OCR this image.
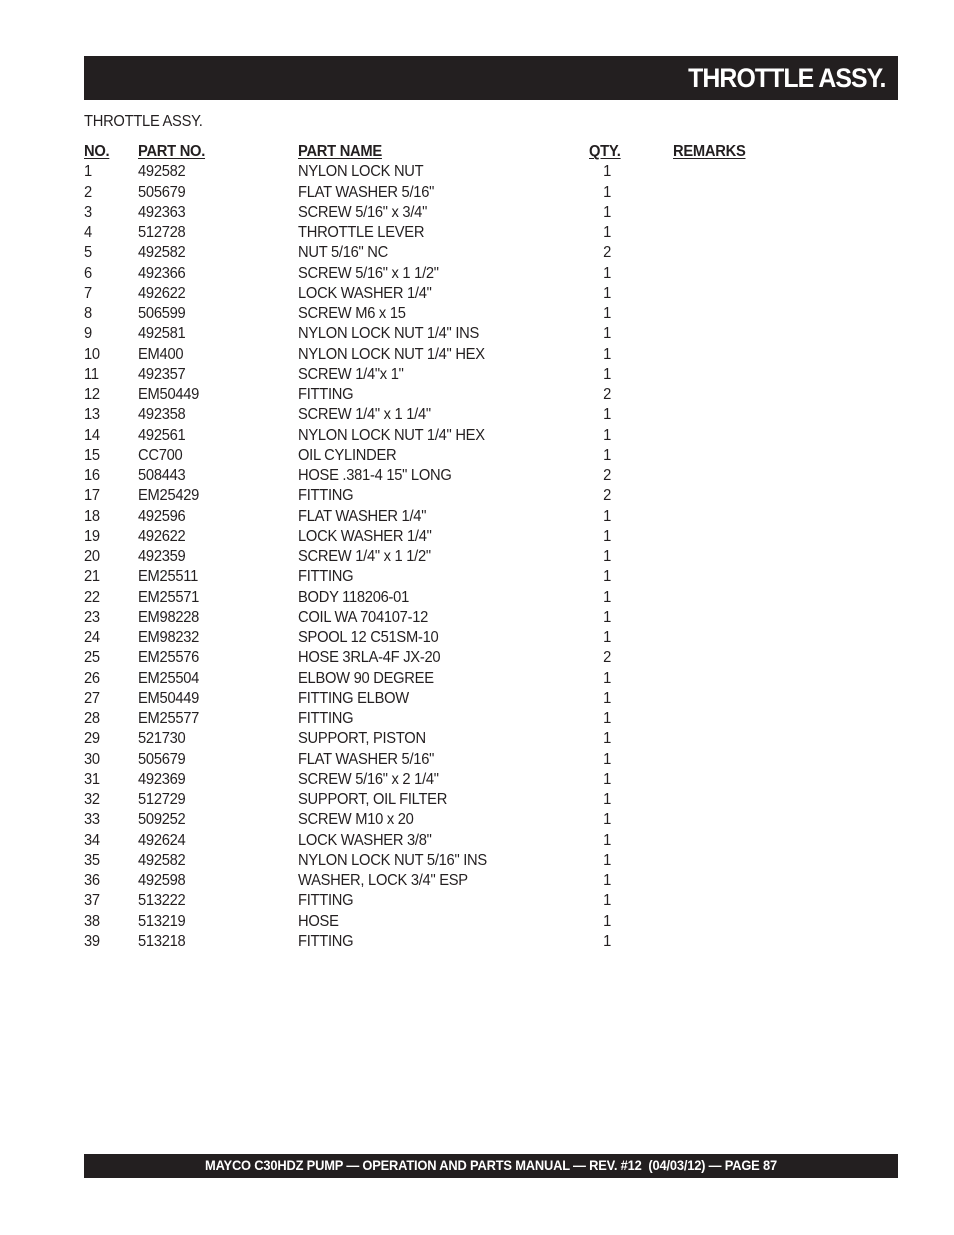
THROTTLE ASSY.
THROTTLE ASSY.
NO. PART NO.	PART NAME	QTY.	REMARKS
1	492582	NYLON LOCK NUT	1
2	505679	FLAT WASHER 5/16"	1
3	492363	SCREW 5/16" x 3/4"	1
4	512728	THROTTLE LEVER	1
5	492582	NUT 5/16" NC	2
6	492366	SCREW 5/16" x 1 1/2"	1
7	492622	LOCK WASHER 1/4"	1
8	506599	SCREW M6 x 15	1
9	492581	NYLON LOCK NUT 1/4" INS	1
10 EM400	NYLON LOCK NUT 1/4" HEX	1
11 492357	SCREW 1/4"x 1"	1
12 EM50449	FITTING	2
13 492358	SCREW 1/4" x 1 1/4"	1
14 492561	NYLON LOCK NUT 1/4" HEX	1
15 CC700	OIL CYLINDER	1
16 508443	HOSE .381-4 15" LONG	2
17 EM25429	FITTING	2
18 492596	FLAT WASHER 1/4"	1
19 492622	LOCK WASHER 1/4"	1
20 492359	SCREW 1/4" x 1 1/2"	1
21 EM25511	FITTING	1
22 EM25571	BODY 118206-01	1
23 EM98228	COIL WA 704107-12	1
24 EM98232	SPOOL 12 C51SM-10	1
25 EM25576	HOSE 3RLA-4F JX-20	2
26 EM25504	ELBOW 90 DEGREE	1
27 EM50449	FITTING ELBOW	1
28 EM25577	FITTING	1
29 521730	SUPPORT, PISTON	1
30 505679	FLAT WASHER 5/16"	1
31 492369	SCREW 5/16" x 2 1/4"	1
32 512729	SUPPORT, OIL FILTER	1
33 509252	SCREW M10 x 20	1
34 492624	LOCK WASHER 3/8"	1
35 492582	NYLON LOCK NUT 5/16" INS	1
36 492598	WASHER, LOCK 3/4" ESP	1
37 513222	FITTING	1
38 513219	HOSE	1
39 513218	FITTING	1
MAYCO C30HDZ PUMP — OPERATION AND PARTS MANUAL — REV. #12  (04/03/12) — PAGE 87
